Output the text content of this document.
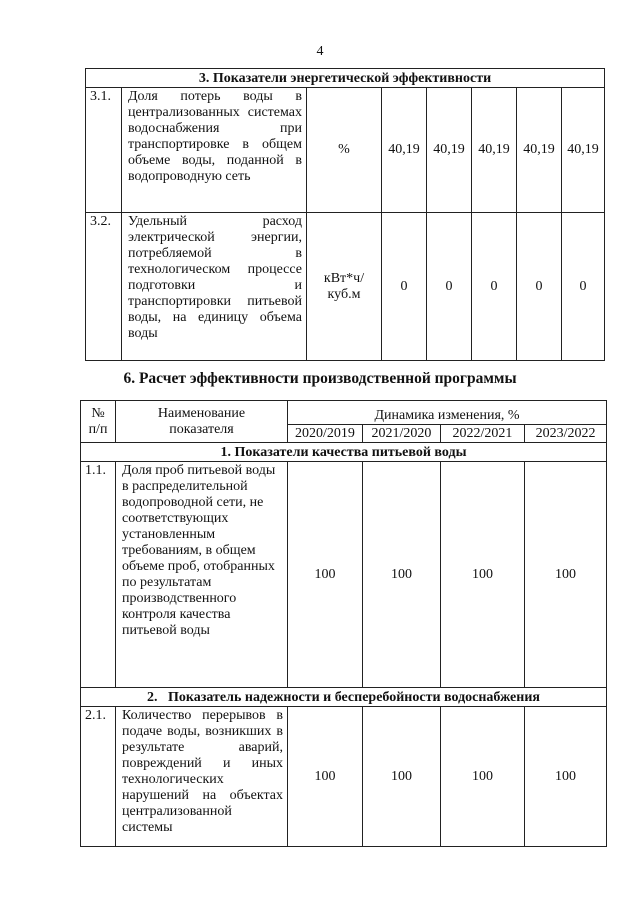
4
3. Показатели энергетической эффективности							
3.1.	Доля потерь воды в централизованных системах водоснабжения при транспортировке в общем объеме воды, поданной в водопроводную сеть	%	40,19	40,19	40,19	40,19	40,19
3.2.	Удельный расход электрической энергии, потребляемой в технологическом процессе подготовки и транспортировки питьевой воды, на единицу объема воды	кВт*ч/ куб.м	0	0	0	0	0
6. Расчет эффективности производственной программы
№ п/п	Наименование показателя	Динамика изменения, %			
		2020/2019	2021/2020	2022/2021	2023/2022
1. Показатели качества питьевой воды					
1.1.	Доля проб питьевой воды в распределительной водопроводной сети, не соответствующих установленным требованиям, в общем объеме проб, отобранных по результатам производственного контроля качества питьевой воды	100	100	100	100
2.   Показатель надежности и бесперебойности водоснабжения					
2.1.	Количество перерывов в подаче воды, возникших в результате аварий, повреждений и иных технологических нарушений на объектах централизованной системы	100	100	100	100
